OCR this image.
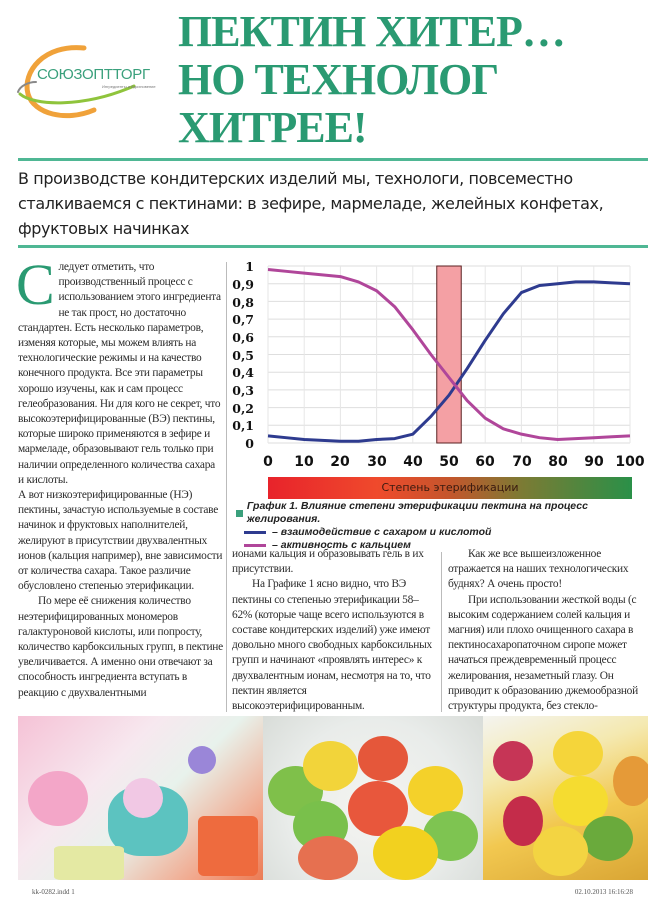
СОЮЗОПТТОРГ
Ингредиенты и Вдохновение
ПЕКТИН ХИТЕР…
НО ТЕХНОЛОГ
ХИТРЕЕ!
В производстве кондитерских изделий мы, технологи, повсеместно сталкиваемся с пектинами: в зефире, мармеладе, желейных конфетах, фруктовых начинках

Следует отметить, что производственный процесс с использованием этого ингредиента не так прост, но достаточно стандартен. Есть несколько параметров, изменяя которые, мы можем влиять на технологические режимы и на качество конечного продукта. Все эти параметры хорошо изучены, как и сам процесс гелеобразования. Ни для кого не секрет, что высокоэтерифицированные (ВЭ) пектины, которые широко применяются в зефире и мармеладе, образовывают гель только при наличии определенного количества сахара и кислоты.

А вот низкоэтерифицированные (НЭ) пектины, зачастую используемые в составе начинок и фруктовых наполнителей, желируют в присутствии двухвалентных ионов (кальция например), вне зависимости от количества сахара. Такое различие обусловлено степенью этерификации.

По мере её снижения количество неэтерифицированных мономеров галактуроновой кислоты, или попросту, количество карбоксильных групп, в пектине увеличивается. А именно они отвечают за способность ингредиента вступать в реакцию с двухвалентными

1
0,9
0,8
0,7
0,6
0,5
0,4
0,3
0,2
0,1
0
0	10	20	30	40	50	60	70	80	90 100
Степень этерификации
График 1. Влияние степени этерификации пектина на процесс желирования.
– взаимодействие с сахаром и кислотой
– активность с кальцием

ионами кальция и образовывать гель в их присутствии.

На Графике 1 ясно видно, что ВЭ пектины со степенью этерификации 58–62% (которые чаще всего используются в составе кондитерских изделий) уже имеют довольно много свободных карбоксильных групп и начинают «проявлять интерес» к двухвалентным ионам, несмотря на то, что пектин является высокоэтерифицированным.

Как же все вышеизложенное отражается на наших технологических буднях? А очень просто!

При использовании жесткой воды (с высоким содержанием солей кальция и магния) или плохо очищенного сахара в пектиносахаропаточном сиропе может начаться преждевременный процесс желирования, незаметный глазу. Он приводит к образованию джемообразной структуры продукта, без стекло-

kk-0282.indd 1	02.10.2013 16:16:28
